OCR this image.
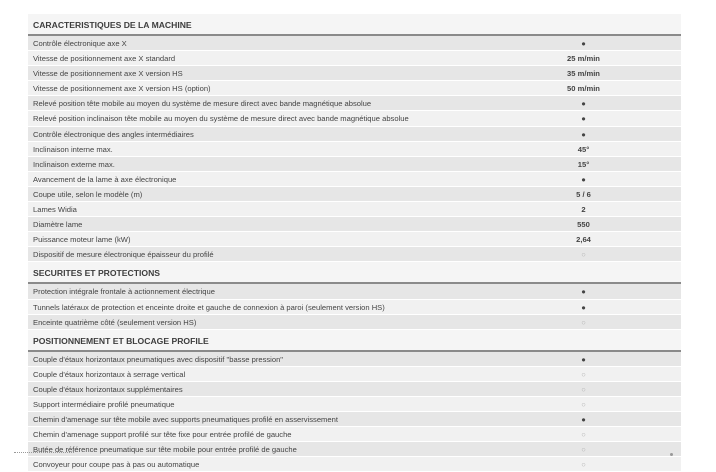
CARACTERISTIQUES DE LA MACHINE
Contrôle électronique axe X	●
Vitesse de positionnement axe X standard	25 m/min
Vitesse de positionnement axe X version HS	35 m/min
Vitesse de positionnement axe X version HS (option)	50 m/min
Relevé position tête mobile au moyen du système de mesure direct avec bande magnétique absolue	●
Relevé position inclinaison tête mobile au moyen du système de mesure direct avec bande magnétique absolue	●
Contrôle électronique des angles intermédiaires	●
Inclinaison interne max.	45°
Inclinaison externe max.	15°
Avancement de la lame à axe électronique	●
Coupe utile, selon le modèle (m)	5 / 6
Lames Widia	2
Diamètre lame	550
Puissance moteur lame (kW)	2,64
Dispositif de mesure électronique épaisseur du profilé	○
SECURITES ET PROTECTIONS
Protection intégrale frontale à actionnement électrique	●
Tunnels latéraux de protection et enceinte droite et gauche de connexion à paroi (seulement version HS)	●
Enceinte quatrième côté (seulement version HS)	○
POSITIONNEMENT ET BLOCAGE PROFILE
Couple d'étaux horizontaux pneumatiques avec dispositif "basse pression"	●
Couple d'étaux horizontaux à serrage vertical	○
Couple d'étaux horizontaux supplémentaires	○
Support intermédiaire profilé pneumatique	○
Chemin d'amenage sur tête mobile avec supports pneumatiques profilé en asservissement	●
Chemin d'amenage support profilé sur tête fixe pour entrée profilé de gauche	○
Butée de référence pneumatique sur tête mobile pour entrée profilé de gauche	○
Convoyeur pour coupe pas à pas ou automatique	○
